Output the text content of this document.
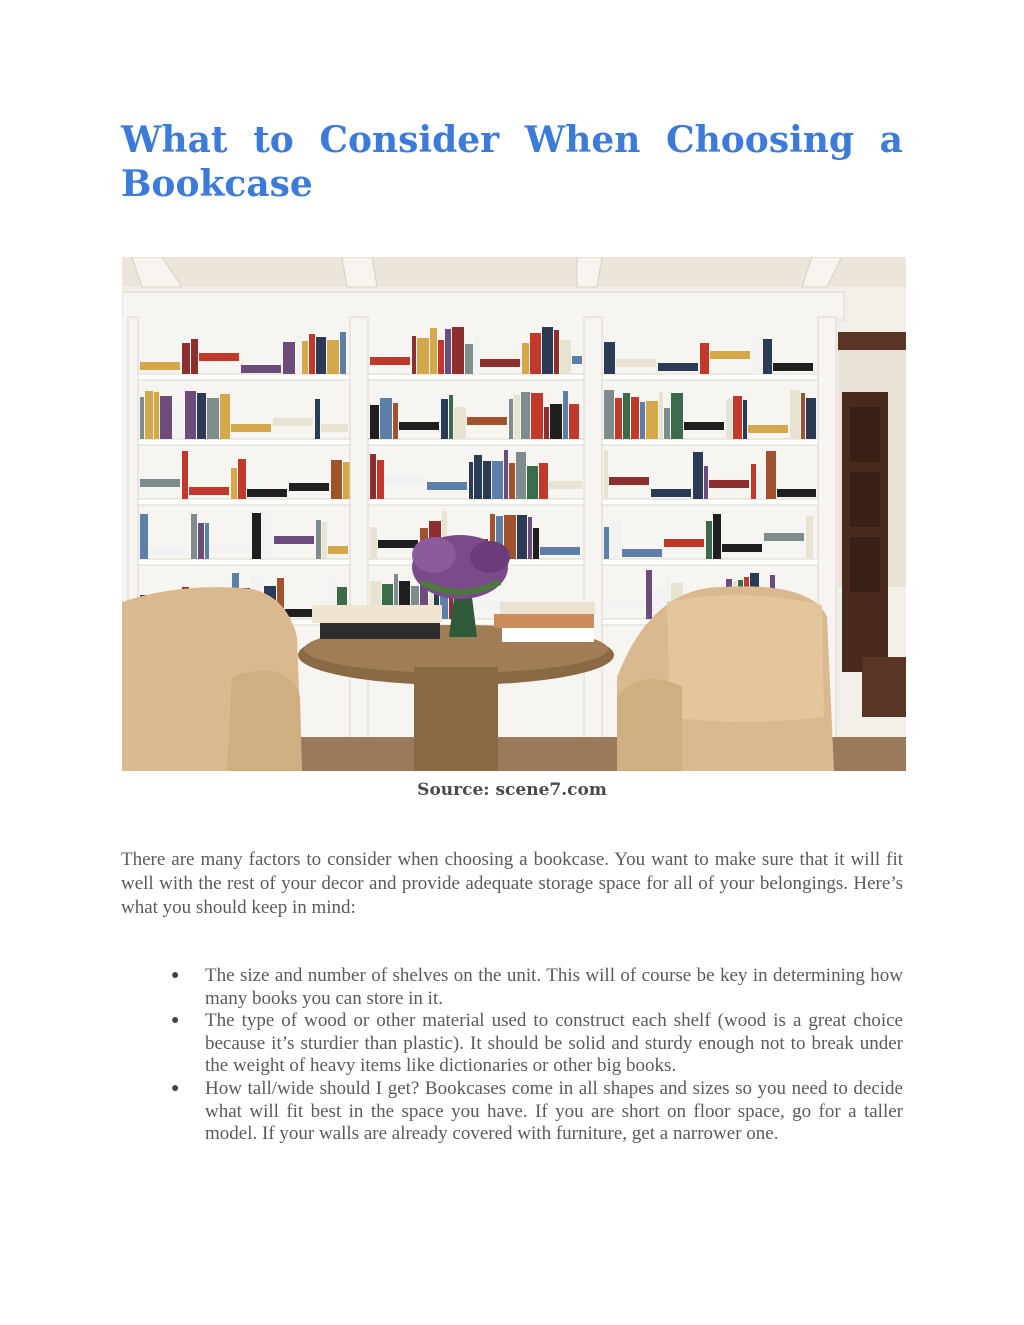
What to Consider When Choosing a Bookcase
Source: scene7.com

There are many factors to consider when choosing a bookcase. You want to make sure that it will fit well with the rest of your decor and provide adequate storage space for all of your belongings. Here’s what you should keep in mind:

● The size and number of shelves on the unit. This will of course be key in determining how many books you can store in it.
● The type of wood or other material used to construct each shelf (wood is a great choice because it’s sturdier than plastic). It should be solid and sturdy enough not to break under the weight of heavy items like dictionaries or other big books.
● How tall/wide should I get? Bookcases come in all shapes and sizes so you need to decide what will fit best in the space you have. If you are short on floor space, go for a taller model. If your walls are already covered with furniture, get a narrower one.
